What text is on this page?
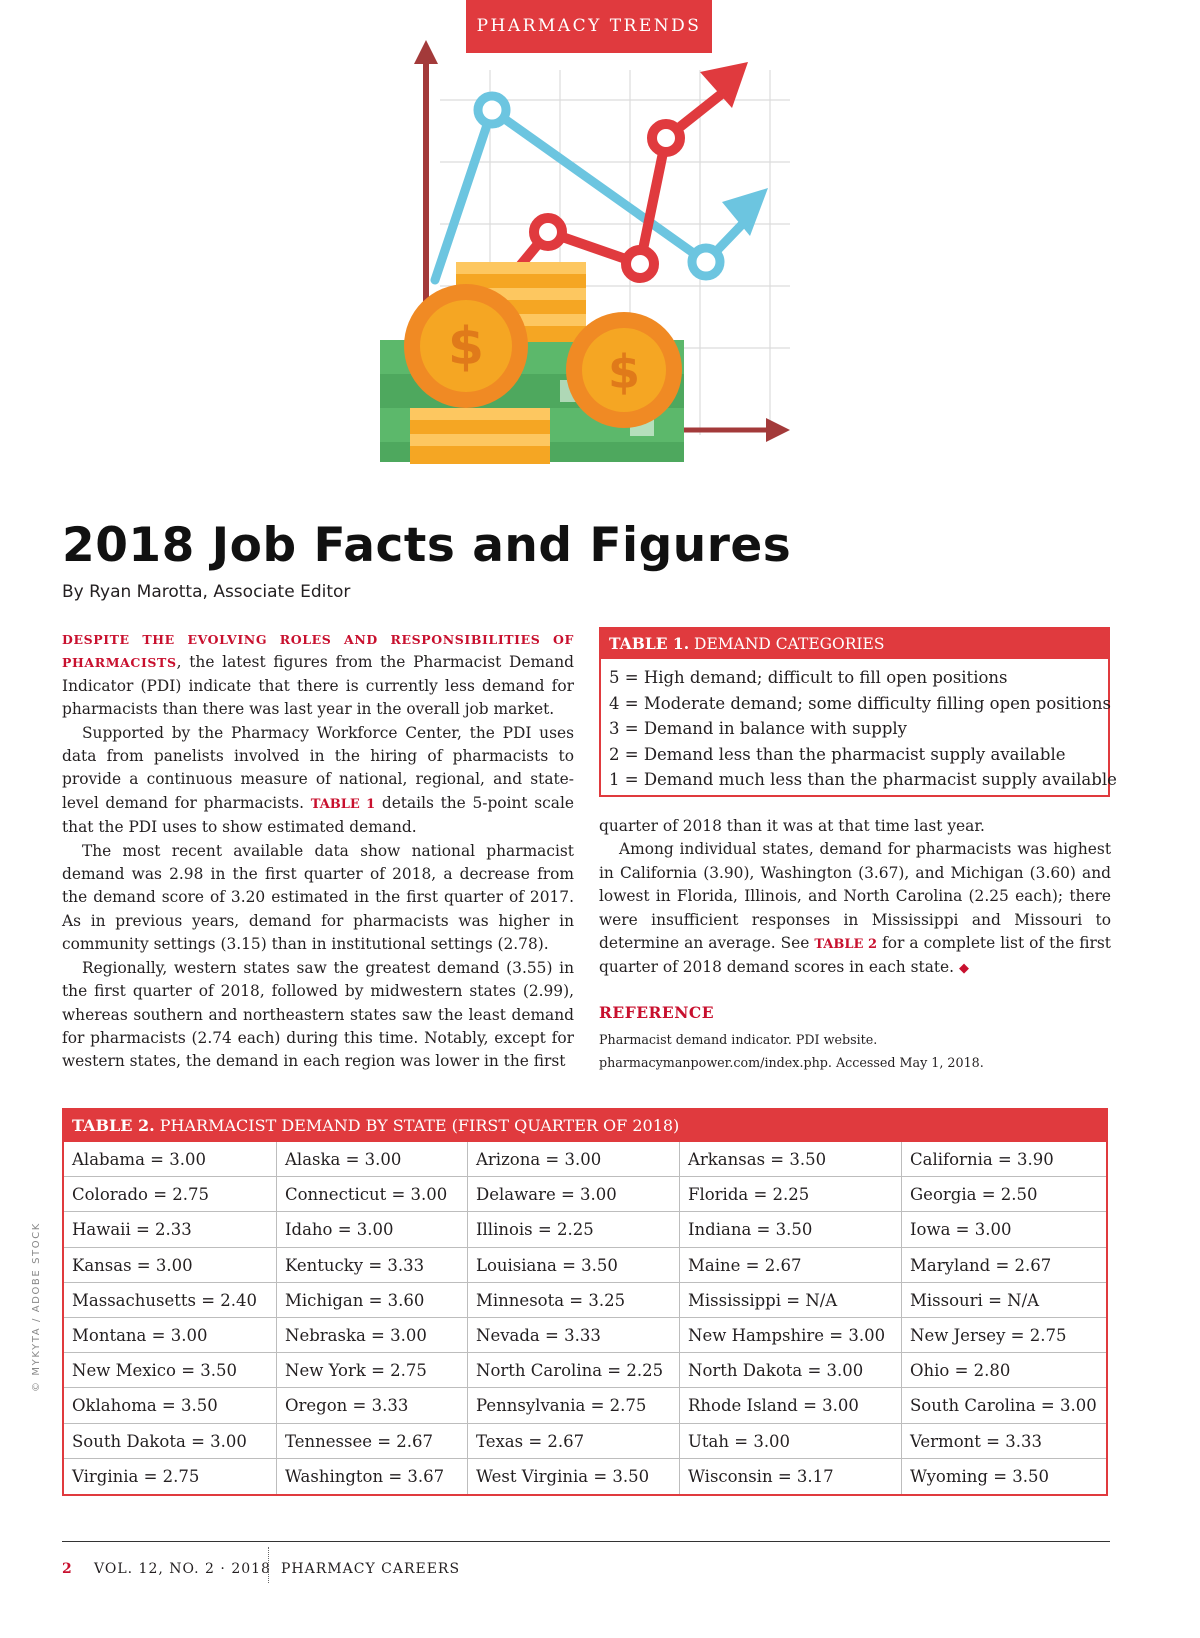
PHARMACY TRENDS
$	$
2018 Job Facts and Figures
By Ryan Marotta, Associate Editor

DESPITE THE EVOLVING ROLES AND RESPONSIBILITIES OF PHARMACISTS, the latest figures from the Pharmacist Demand Indicator (PDI) indicate that there is currently less demand for pharmacists than there was last year in the overall job market.

Supported by the Pharmacy Workforce Center, the PDI uses data from panelists involved in the hiring of pharmacists to provide a continuous measure of national, regional, and state-level demand for pharmacists. TABLE 1 details the 5-point scale that the PDI uses to show estimated demand.

The most recent available data show national pharmacist demand was 2.98 in the first quarter of 2018, a decrease from the demand score of 3.20 estimated in the first quarter of 2017. As in previous years, demand for pharmacists was higher in community settings (3.15) than in institutional settings (2.78).

Regionally, western states saw the greatest demand (3.55) in the first quarter of 2018, followed by midwestern states (2.99), whereas southern and northeastern states saw the least demand for pharmacists (2.74 each) during this time. Notably, except for western states, the demand in each region was lower in the first

TABLE 1. DEMAND CATEGORIES
5 = High demand; difficult to fill open positions
4 = Moderate demand; some difficulty filling open positions
3 = Demand in balance with supply
2 = Demand less than the pharmacist supply available
1 = Demand much less than the pharmacist supply available

quarter of 2018 than it was at that time last year.

Among individual states, demand for pharmacists was highest in California (3.90), Washington (3.67), and Michigan (3.60) and lowest in Florida, Illinois, and North Carolina (2.25 each); there were insufficient responses in Mississippi and Missouri to determine an average. See TABLE 2 for a complete list of the first quarter of 2018 demand scores in each state. ◆

REFERENCE
Pharmacist demand indicator. PDI website. pharmacymanpower.com/index.php. Accessed May 1, 2018.
TABLE 2. PHARMACIST DEMAND BY STATE (FIRST QUARTER OF 2018)
Alabama = 3.00	Alaska = 3.00	Arizona = 3.00	Arkansas = 3.50	California = 3.90
Colorado = 2.75	Connecticut = 3.00	Delaware = 3.00	Florida = 2.25	Georgia = 2.50
Hawaii = 2.33	Idaho = 3.00	Illinois = 2.25	Indiana = 3.50	Iowa = 3.00
Kansas = 3.00	Kentucky = 3.33	Louisiana = 3.50	Maine = 2.67	Maryland = 2.67
Massachusetts = 2.40	Michigan = 3.60	Minnesota = 3.25	Mississippi = N/A	Missouri = N/A
Montana = 3.00	Nebraska = 3.00	Nevada = 3.33	New Hampshire = 3.00	New Jersey = 2.75
New Mexico = 3.50	New York = 2.75	North Carolina = 2.25	North Dakota = 3.00	Ohio = 2.80
Oklahoma = 3.50	Oregon = 3.33	Pennsylvania = 2.75	Rhode Island = 3.00	South Carolina = 3.00
South Dakota = 3.00	Tennessee = 2.67	Texas = 2.67	Utah = 3.00	Vermont = 3.33
Virginia = 2.75	Washington = 3.67	West Virginia = 3.50	Wisconsin = 3.17	Wyoming = 3.50
© MYKYTA / ADOBE STOCK
2 VOL. 12, NO. 2 · 2018 PHARMACY CAREERS
